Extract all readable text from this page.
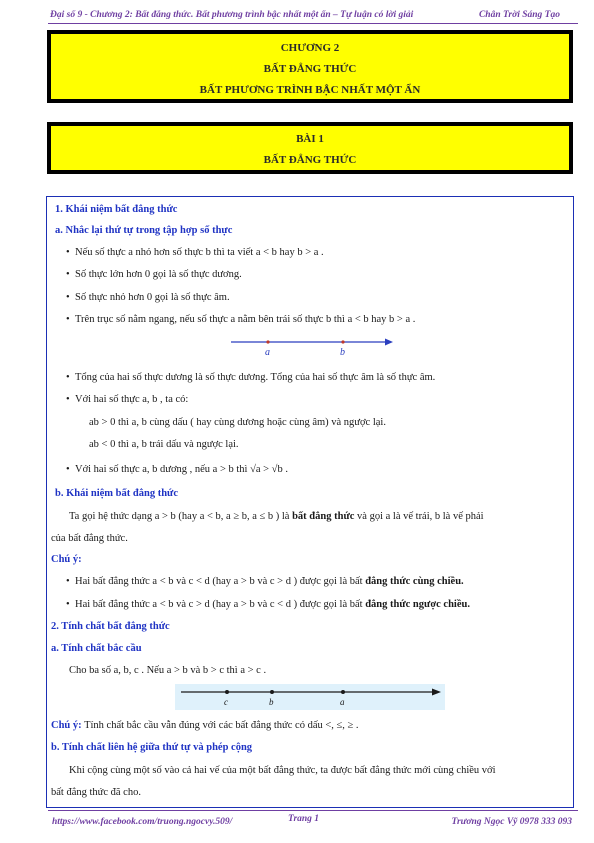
Đại số 9 - Chương 2: Bất đẳng thức. Bất phương trình bậc nhất một ẩn – Tự luận có lời giải	Chân Trời Sáng Tạo
CHƯƠNG 2
BẤT ĐẲNG THỨC
BẤT PHƯƠNG TRÌNH BẬC NHẤT MỘT ẨN
BÀI 1
BẤT ĐẲNG THỨC
1. Khái niệm bất đẳng thức
a. Nhắc lại thứ tự trong tập hợp số thực
• Nếu số thực a nhỏ hơn số thực b thì ta viết a < b hay b > a .
• Số thực lớn hơn 0 gọi là số thực dương.
• Số thực nhỏ hơn 0 gọi là số thực âm.
• Trên trục số nằm ngang, nếu số thực a nằm bên trái số thực b thì a < b hay b > a .
a	b
• Tổng của hai số thực dương là số thực dương. Tổng của hai số thực âm là số thực âm.
• Với hai số thực a, b , ta có:
ab > 0 thì a, b cùng dấu ( hay cùng dương hoặc cùng âm) và ngược lại.
ab < 0 thì a, b trái dấu và ngược lại.
• Với hai số thực a, b dương , nếu a > b thì √a > √b .
b. Khái niệm bất đẳng thức
Ta gọi hệ thức dạng a > b (hay a < b, a ≥ b, a ≤ b ) là bất đẳng thức và gọi a là vế trái, b là vế phải
của bất đẳng thức.
Chú ý:
• Hai bất đẳng thức a < b và c < d (hay a > b và c > d ) được gọi là bất đẳng thức cùng chiều.
• Hai bất đẳng thức a < b và c > d (hay a > b và c < d ) được gọi là bất đẳng thức ngược chiều.
2. Tính chất bất đẳng thức
a. Tính chất bắc cầu
Cho ba số a, b, c . Nếu a > b và b > c thì a > c .
c	b	a
Chú ý: Tính chất bắc cầu vẫn đúng với các bất đẳng thức có dấu <, ≤, ≥ .
b. Tính chất liên hệ giữa thứ tự và phép cộng
Khi cộng cùng một số vào cả hai vế của một bất đẳng thức, ta được bất đẳng thức mới cùng chiều với
bất đẳng thức đã cho.
https://www.facebook.com/truong.ngocvy.509/	Trang 1	Trương Ngọc Vỹ 0978 333 093
